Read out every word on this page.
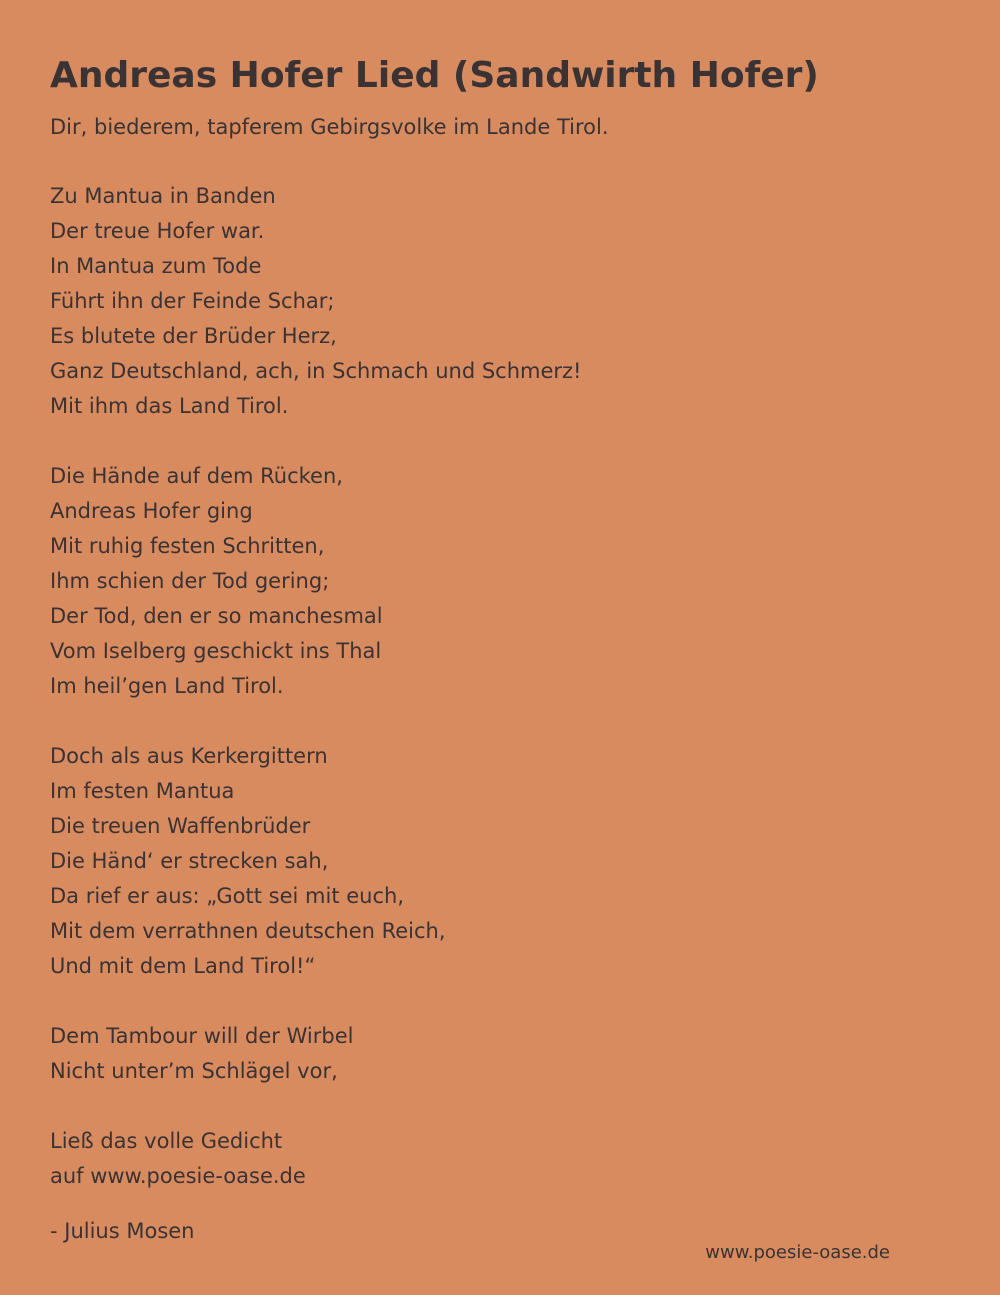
Andreas Hofer Lied (Sandwirth Hofer)

Dir, biederem, tapferem Gebirgsvolke im Lande Tirol.

Zu Mantua in Banden
Der treue Hofer war.
In Mantua zum Tode
Führt ihn der Feinde Schar;
Es blutete der Brüder Herz,
Ganz Deutschland, ach, in Schmach und Schmerz!
Mit ihm das Land Tirol.
Die Hände auf dem Rücken,
Andreas Hofer ging
Mit ruhig festen Schritten,
Ihm schien der Tod gering;
Der Tod, den er so manchesmal
Vom Iselberg geschickt ins Thal
Im heil’gen Land Tirol.
Doch als aus Kerkergittern
Im festen Mantua
Die treuen Waffenbrüder
Die Händ‘ er strecken sah,
Da rief er aus: „Gott sei mit euch,
Mit dem verrathnen deutschen Reich,
Und mit dem Land Tirol!“
Dem Tambour will der Wirbel
Nicht unter’m Schlägel vor,
Ließ das volle Gedicht
auf www.poesie-oase.de

- Julius Mosen

www.poesie-oase.de
